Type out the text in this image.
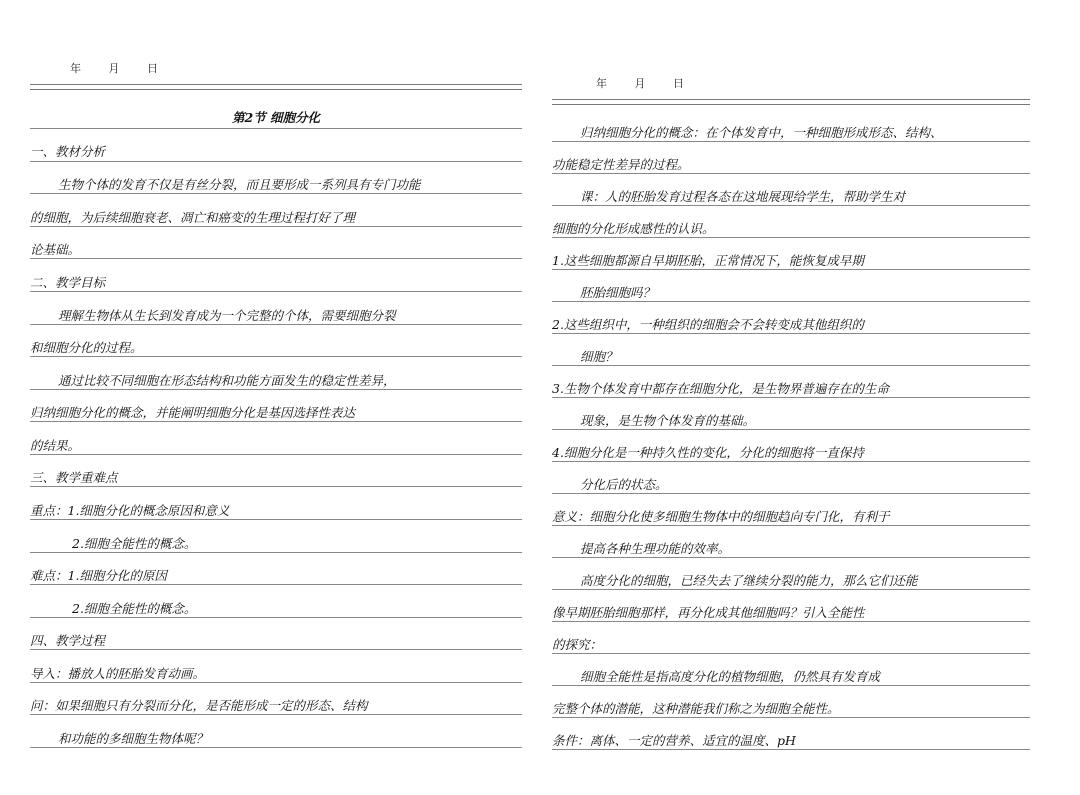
年 月 日
第2节 细胞分化
一、教材分析
生物个体的发育不仅是有丝分裂，而且要形成一系列具有专门功能
的细胞，为后续细胞衰老、凋亡和癌变的生理过程打好了理
论基础。
二、教学目标
理解生物体从生长到发育成为一个完整的个体，需要细胞分裂
和细胞分化的过程。
通过比较不同细胞在形态结构和功能方面发生的稳定性差异，
归纳细胞分化的概念，并能阐明细胞分化是基因选择性表达
的结果。
三、教学重难点
重点：1.细胞分化的概念原因和意义
2.细胞全能性的概念。
难点：1.细胞分化的原因
2.细胞全能性的概念。
四、教学过程
导入：播放人的胚胎发育动画。
问：如果细胞只有分裂而分化，是否能形成一定的形态、结构
和功能的多细胞生物体呢？
年 月 日
归纳细胞分化的概念：在个体发育中，一种细胞形成形态、结构、
功能稳定性差异的过程。
课：人的胚胎发育过程各态在这地展现给学生，帮助学生对
细胞的分化形成感性的认识。
1.这些细胞都源自早期胚胎，正常情况下，能恢复成早期
胚胎细胞吗？
2.这些组织中，一种组织的细胞会不会转变成其他组织的
细胞？
3.生物个体发育中都存在细胞分化，是生物界普遍存在的生命
现象，是生物个体发育的基础。
4.细胞分化是一种持久性的变化，分化的细胞将一直保持
分化后的状态。
意义：细胞分化使多细胞生物体中的细胞趋向专门化，有利于
提高各种生理功能的效率。
高度分化的细胞，已经失去了继续分裂的能力，那么它们还能
像早期胚胎细胞那样，再分化成其他细胞吗？引入全能性
的探究：
细胞全能性是指高度分化的植物细胞，仍然具有发育成
完整个体的潜能，这种潜能我们称之为细胞全能性。
条件：离体、一定的营养、适宜的温度、pH
